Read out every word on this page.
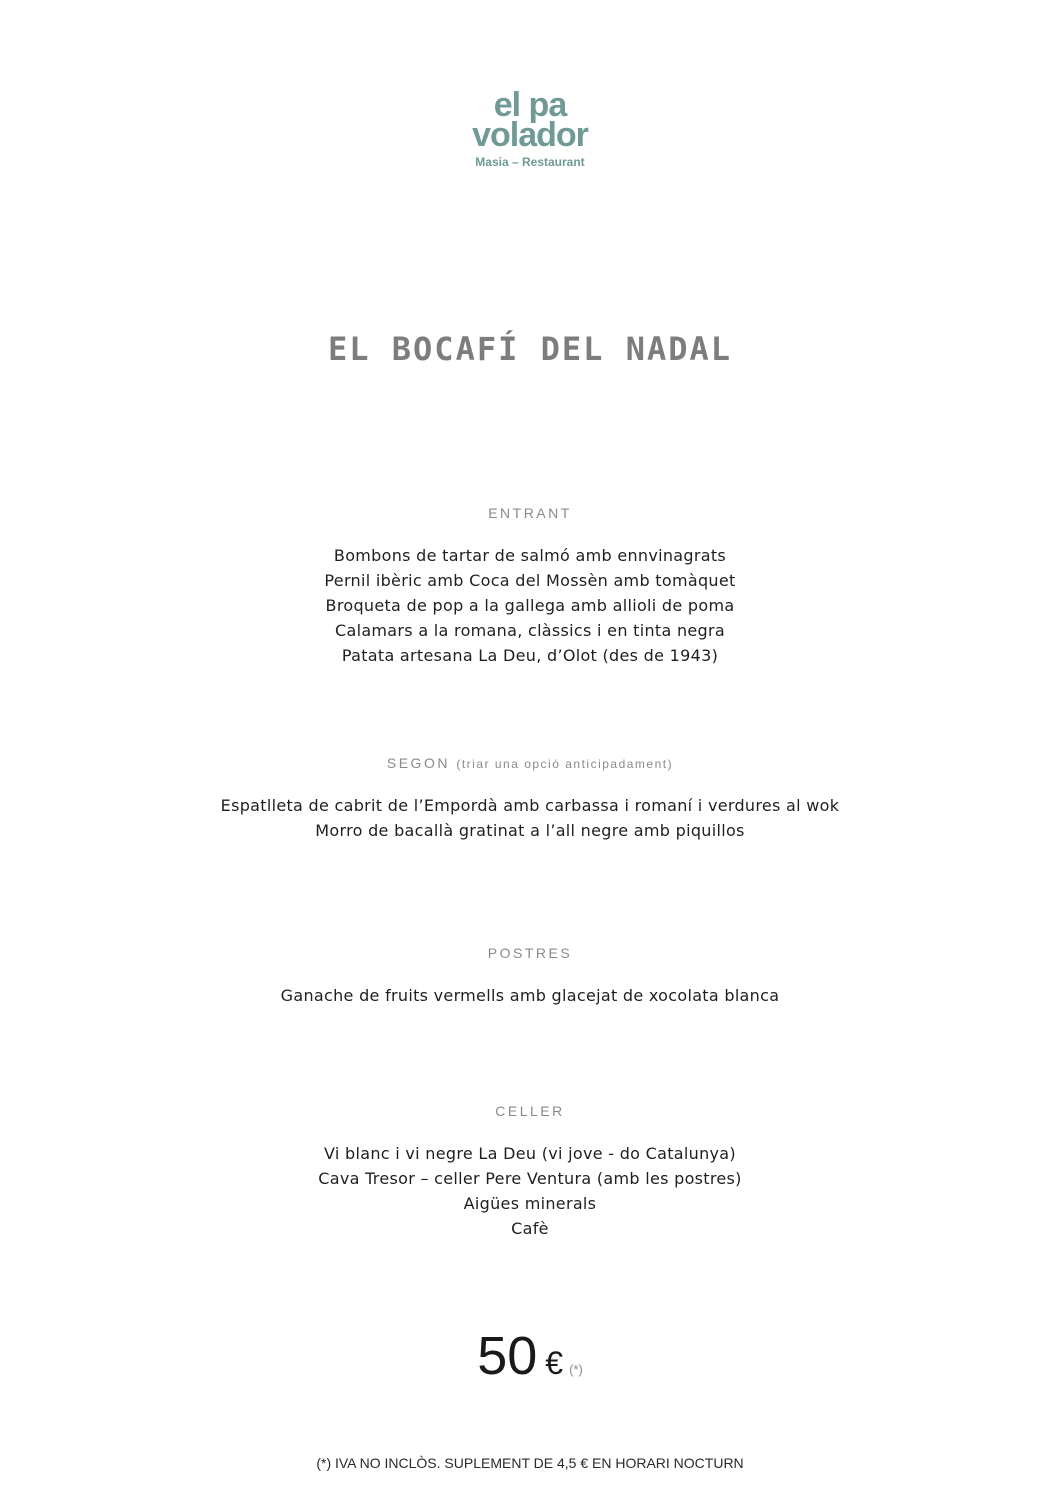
el pa
volador
Masia – Restaurant
EL BOCAFÍ DEL NADAL
ENTRANT
Bombons de tartar de salmó amb ennvinagrats
Pernil ibèric amb Coca del Mossèn amb tomàquet
Broqueta de pop a la gallega amb allioli de poma
Calamars a la romana, clàssics i en tinta negra
Patata artesana La Deu, d’Olot (des de 1943)
SEGON (triar una opció anticipadament)
Espatlleta de cabrit de l’Empordà amb carbassa i romaní i verdures al wok
Morro de bacallà gratinat a l’all negre amb piquillos
POSTRES
Ganache de fruits vermells amb glacejat de xocolata blanca
CELLER
Vi blanc i vi negre La Deu (vi jove - do Catalunya)
Cava Tresor – celler Pere Ventura (amb les postres)
Aigües minerals
Cafè
50 € (*)
(*) IVA NO INCLÒS. SUPLEMENT DE 4,5 € EN HORARI NOCTURN
